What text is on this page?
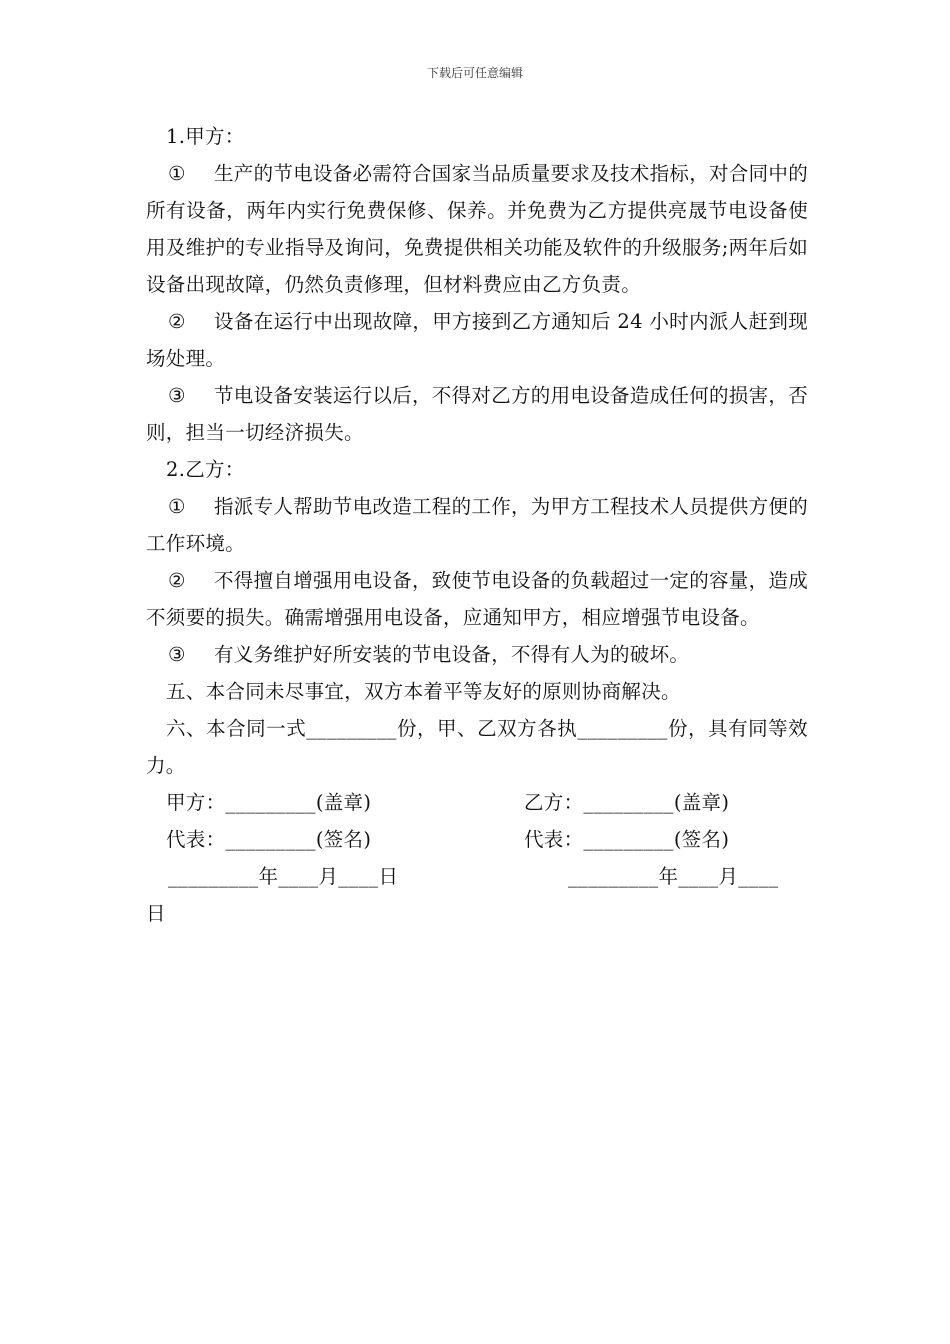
下载后可任意编辑

1.甲方：

① 生产的节电设备必需符合国家当品质量要求及技术指标，对合同中的所有设备，两年内实行免费保修、保养。并免费为乙方提供亮晟节电设备使用及维护的专业指导及询问，免费提供相关功能及软件的升级服务;两年后如设备出现故障，仍然负责修理，但材料费应由乙方负责。

② 设备在运行中出现故障，甲方接到乙方通知后 24 小时内派人赶到现场处理。

③ 节电设备安装运行以后，不得对乙方的用电设备造成任何的损害，否则，担当一切经济损失。

2.乙方：

① 指派专人帮助节电改造工程的工作，为甲方工程技术人员提供方便的工作环境。

② 不得擅自增强用电设备，致使节电设备的负载超过一定的容量，造成不须要的损失。确需增强用电设备，应通知甲方，相应增强节电设备。

③ 有义务维护好所安装的节电设备，不得有人为的破坏。

五、本合同未尽事宜，双方本着平等友好的原则协商解决。

六、本合同一式_________份，甲、乙双方各执_________份，具有同等效力。

甲方：_________(盖章)	乙方：_________(盖章)
代表：_________(签名)	代表：_________(签名)
_________年____月____日	_________年____月____
日
